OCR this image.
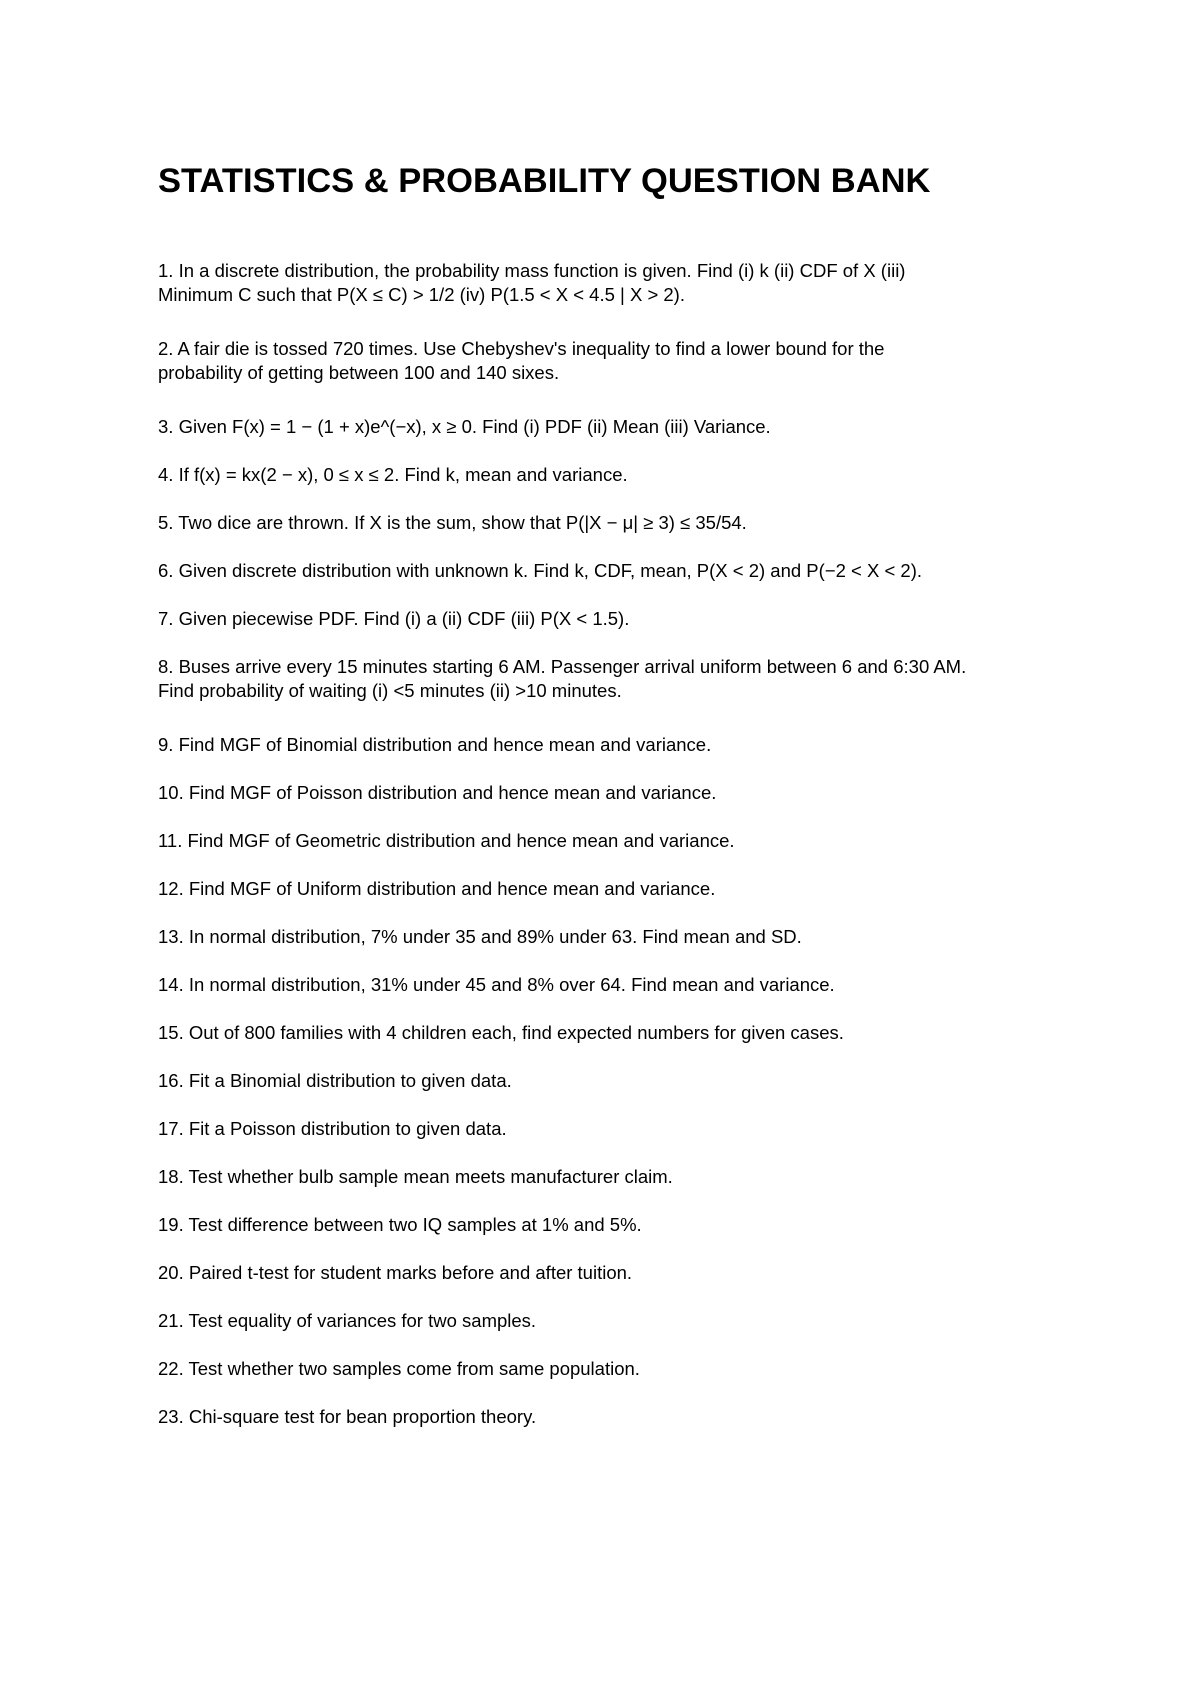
STATISTICS & PROBABILITY QUESTION BANK
1. In a discrete distribution, the probability mass function is given. Find (i) k (ii) CDF of X (iii)
Minimum C such that P(X ≤ C) > 1/2 (iv) P(1.5 < X < 4.5 | X > 2).
2. A fair die is tossed 720 times. Use Chebyshev's inequality to find a lower bound for the
probability of getting between 100 and 140 sixes.
3. Given F(x) = 1 − (1 + x)e^(−x), x ≥ 0. Find (i) PDF (ii) Mean (iii) Variance.
4. If f(x) = kx(2 − x), 0 ≤ x ≤ 2. Find k, mean and variance.
5. Two dice are thrown. If X is the sum, show that P(|X − μ| ≥ 3) ≤ 35/54.
6. Given discrete distribution with unknown k. Find k, CDF, mean, P(X < 2) and P(−2 < X < 2).
7. Given piecewise PDF. Find (i) a (ii) CDF (iii) P(X < 1.5).
8. Buses arrive every 15 minutes starting 6 AM. Passenger arrival uniform between 6 and 6:30 AM.
Find probability of waiting (i) <5 minutes (ii) >10 minutes.
9. Find MGF of Binomial distribution and hence mean and variance.
10. Find MGF of Poisson distribution and hence mean and variance.
11. Find MGF of Geometric distribution and hence mean and variance.
12. Find MGF of Uniform distribution and hence mean and variance.
13. In normal distribution, 7% under 35 and 89% under 63. Find mean and SD.
14. In normal distribution, 31% under 45 and 8% over 64. Find mean and variance.
15. Out of 800 families with 4 children each, find expected numbers for given cases.
16. Fit a Binomial distribution to given data.
17. Fit a Poisson distribution to given data.
18. Test whether bulb sample mean meets manufacturer claim.
19. Test difference between two IQ samples at 1% and 5%.
20. Paired t-test for student marks before and after tuition.
21. Test equality of variances for two samples.
22. Test whether two samples come from same population.
23. Chi-square test for bean proportion theory.
